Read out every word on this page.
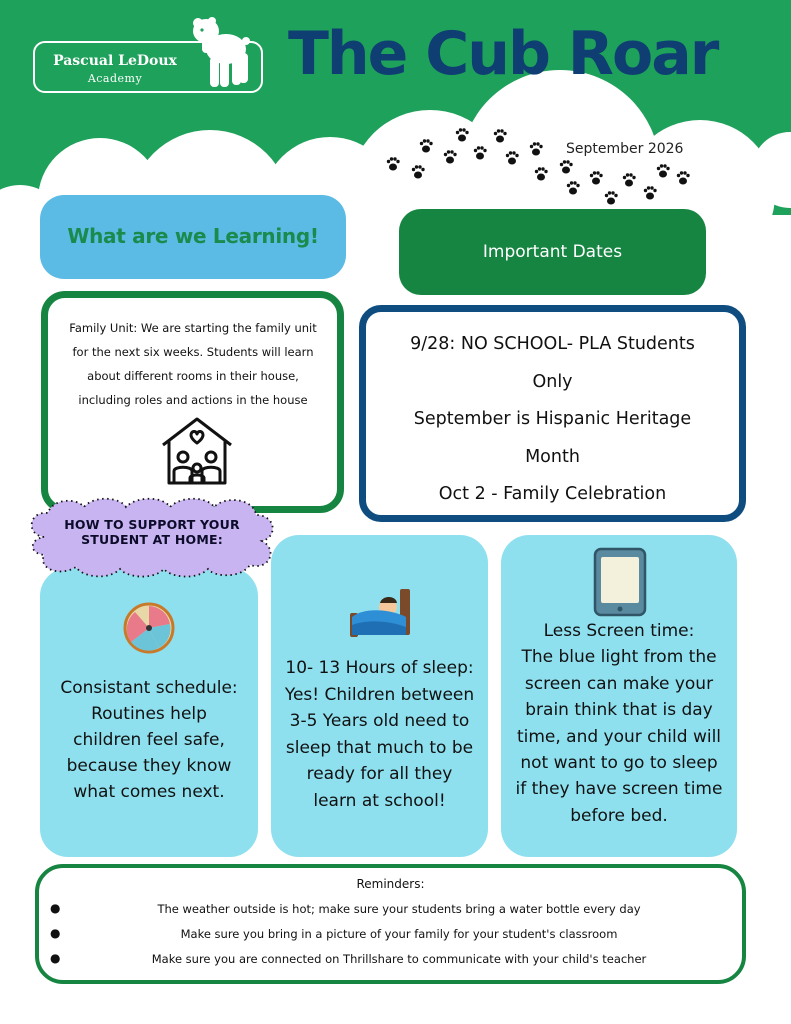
Pascual LeDoux
Academy	The Cub Roar
September 2026
What are we Learning!
Important Dates
Family Unit: We are starting the family unit for the next six weeks. Students will learn about different rooms in their house, including roles and actions in the house
9/28: NO SCHOOL- PLA Students
Only
September is Hispanic Heritage
Month
Oct 2 - Family Celebration
Consistant schedule:
Routines help
children feel safe,
because they know
what comes next.
10- 13 Hours of sleep:
Yes! Children between
3-5 Years old need to
sleep that much to be
ready for all they
learn at school!
Less Screen time:
The blue light from the
screen can make your
brain think that is day
time, and your child will
not want to go to sleep
if they have screen time
before bed.
HOW TO SUPPORT YOUR
STUDENT AT HOME:
Reminders:
●	The weather outside is hot; make sure your students bring a water bottle every day
●	Make sure you bring in a picture of your family for your student's classroom
●	Make sure you are connected on Thrillshare to communicate with your child's teacher
